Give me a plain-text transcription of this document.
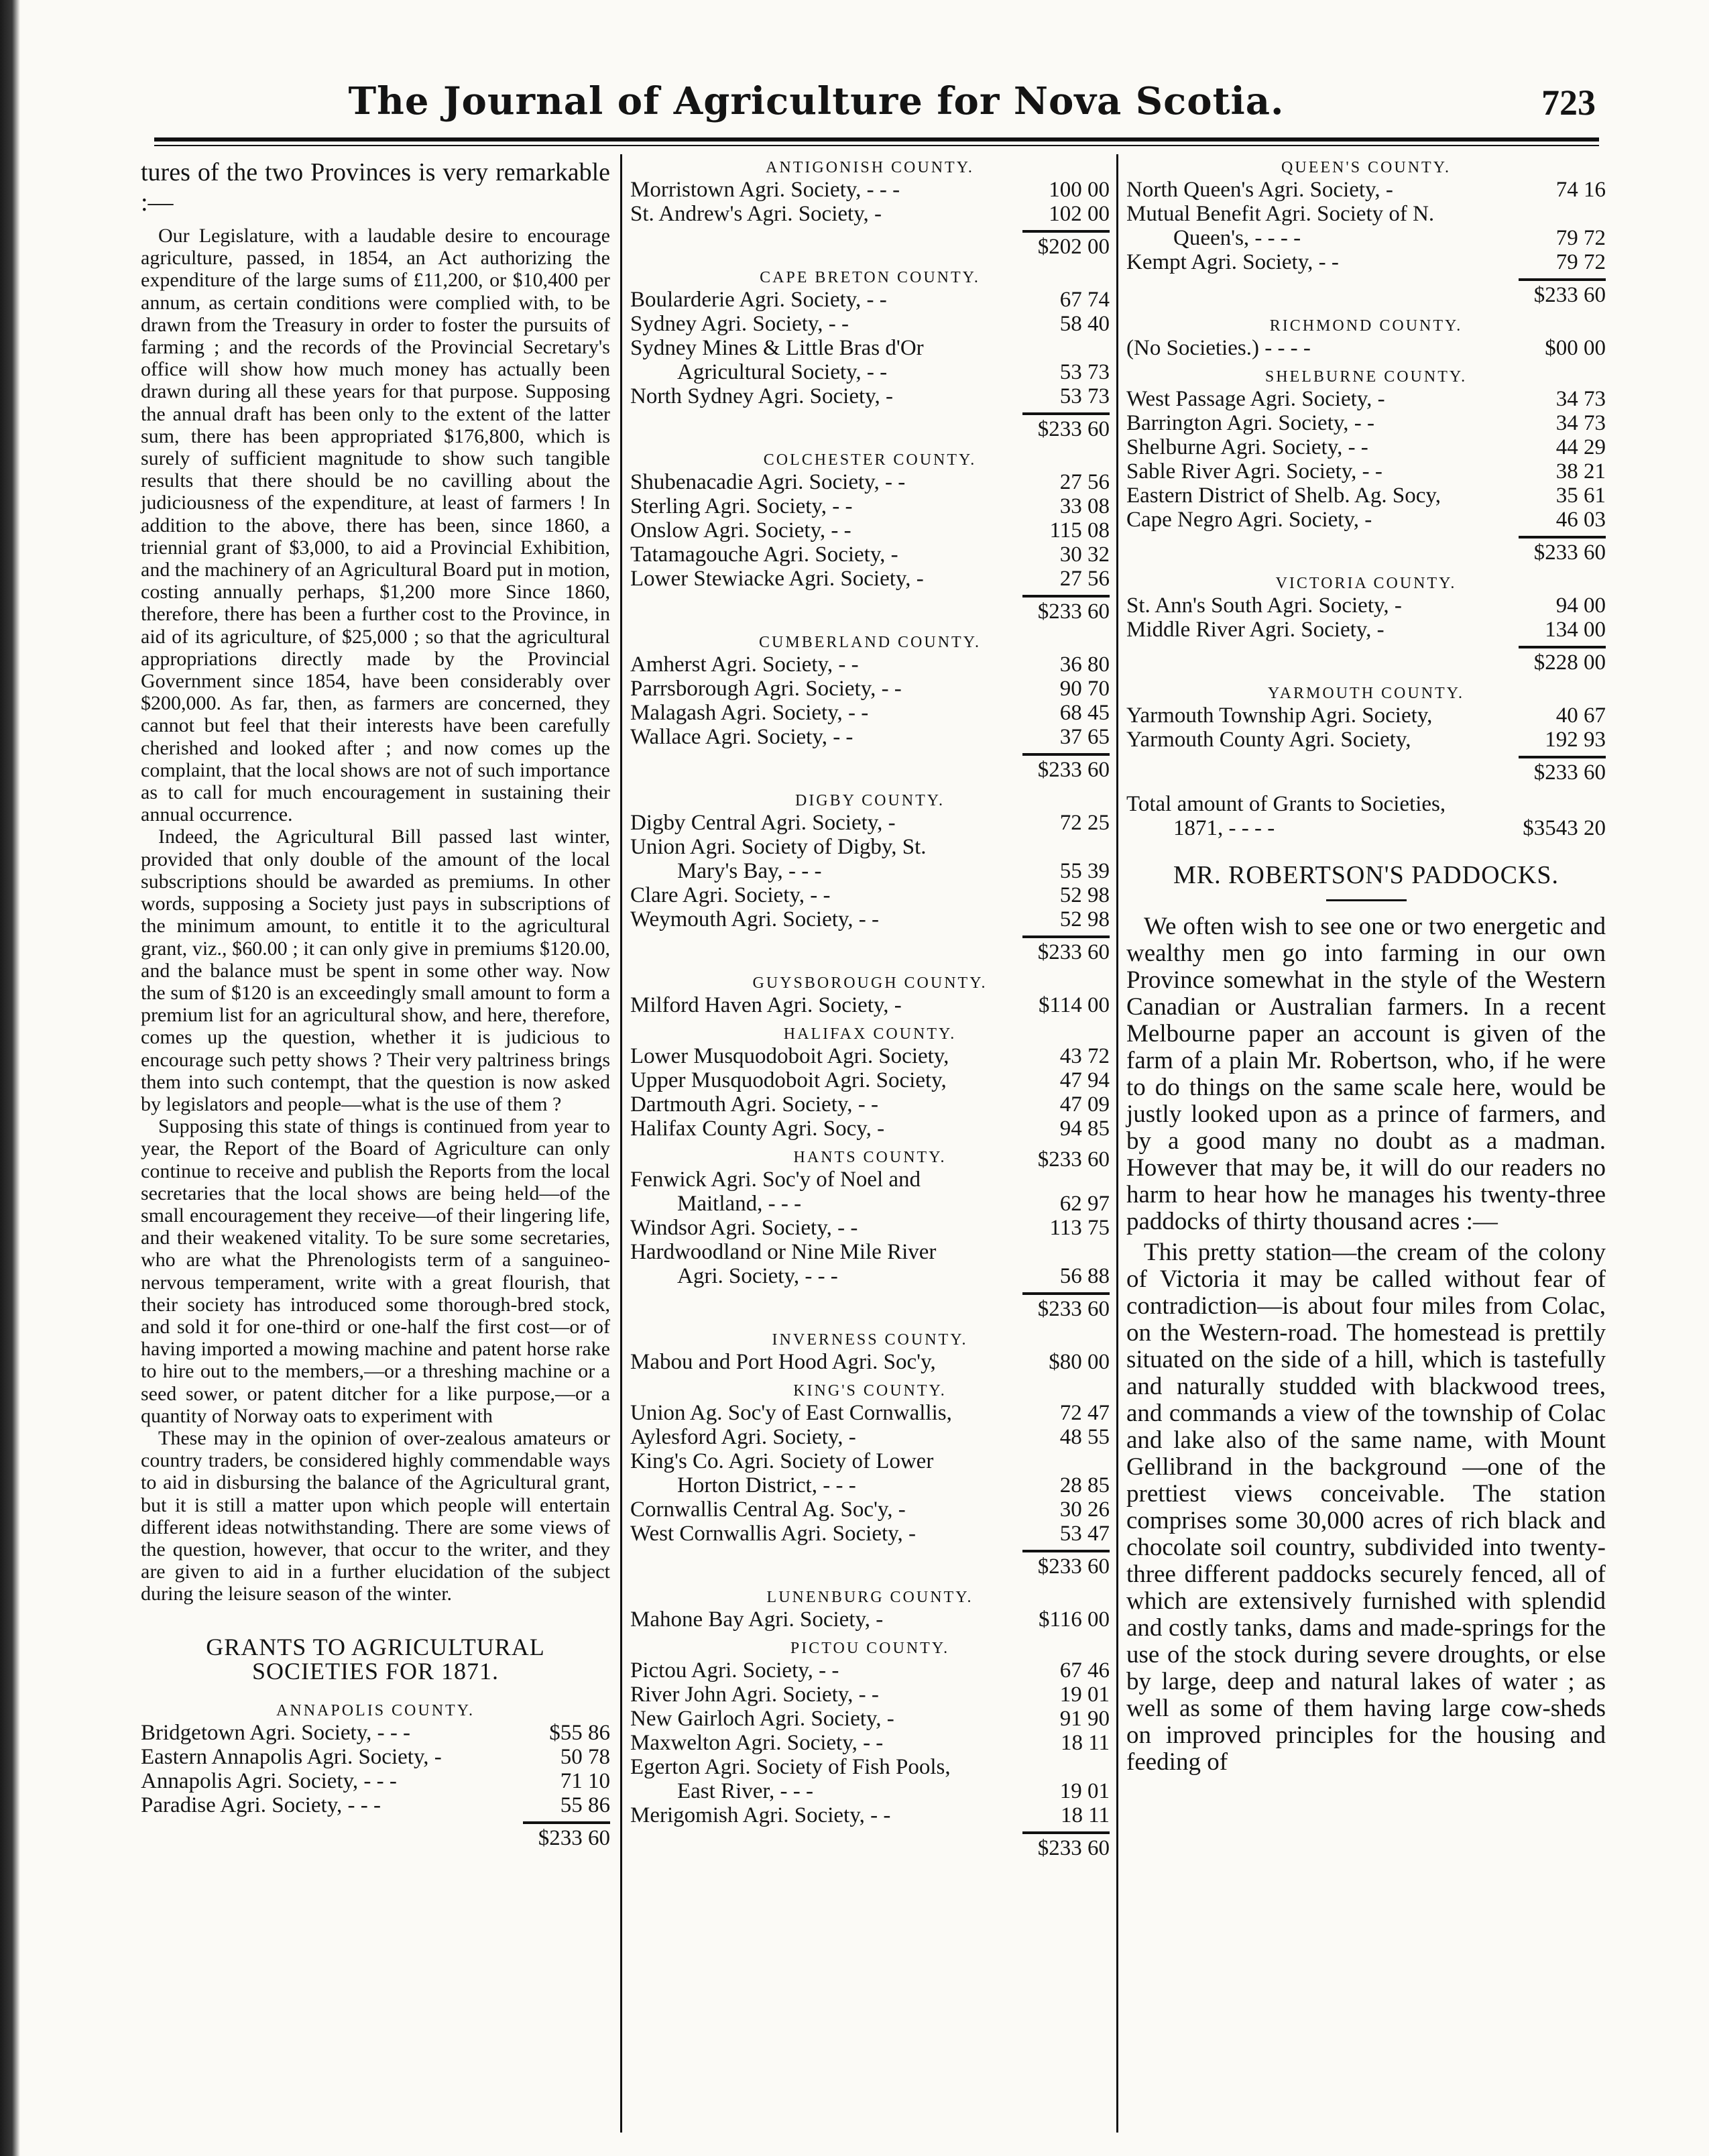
The Journal of Agriculture for Nova Scotia.	723
tures of the two Provinces is very remarkable :—
Our Legislature, with a laudable desire to encourage agriculture, passed, in 1854, an Act authorizing the expenditure of the large sums of £11,200, or $10,400 per annum, as certain conditions were complied with, to be drawn from the Treasury in order to foster the pursuits of farming ; and the records of the Provincial Secretary's office will show how much money has actually been drawn during all these years for that purpose. Supposing the annual draft has been only to the extent of the latter sum, there has been appropriated $176,800, which is surely of sufficient magnitude to show such tangible results that there should be no cavilling about the judiciousness of the expenditure, at least of farmers ! In addition to the above, there has been, since 1860, a triennial grant of $3,000, to aid a Provincial Exhibition, and the machinery of an Agricultural Board put in motion, costing annually perhaps, $1,200 more Since 1860, therefore, there has been a further cost to the Province, in aid of its agriculture, of $25,000 ; so that the agricultural appropriations directly made by the Provincial Government since 1854, have been considerably over $200,000. As far, then, as farmers are concerned, they cannot but feel that their interests have been carefully cherished and looked after ; and now comes up the complaint, that the local shows are not of such importance as to call for much encouragement in sustaining their annual occurrence.
Indeed, the Agricultural Bill passed last winter, provided that only double of the amount of the local subscriptions should be awarded as premiums. In other words, supposing a Society just pays in subscriptions of the minimum amount, to entitle it to the agricultural grant, viz., $60.00 ; it can only give in premiums $120.00, and the balance must be spent in some other way. Now the sum of $120 is an exceedingly small amount to form a premium list for an agricultural show, and here, therefore, comes up the question, whether it is judicious to encourage such petty shows ? Their very paltriness brings them into such contempt, that the question is now asked by legislators and people—what is the use of them ?
Supposing this state of things is continued from year to year, the Report of the Board of Agriculture can only continue to receive and publish the Reports from the local secretaries that the local shows are being held—of the small encouragement they receive—of their lingering life, and their weakened vitality. To be sure some secretaries, who are what the Phrenologists term of a sanguineo-nervous temperament, write with a great flourish, that their society has introduced some thorough-bred stock, and sold it for one-third or one-half the first cost—or of having imported a mowing machine and patent horse rake to hire out to the members,—or a threshing machine or a seed sower, or patent ditcher for a like purpose,—or a quantity of Norway oats to experiment with
These may in the opinion of over-zealous amateurs or country traders, be considered highly commendable ways to aid in disbursing the balance of the Agricultural grant, but it is still a matter upon which people will entertain different ideas notwithstanding. There are some views of the question, however, that occur to the writer, and they are given to aid in a further elucidation of the subject during the leisure season of the winter.
GRANTS TO AGRICULTURAL SOCIETIES FOR 1871.
ANNAPOLIS COUNTY.
Bridgetown Agri. Society, - - -	$55 86
Eastern Annapolis Agri. Society, -	50 78
Annapolis Agri. Society, - - -	71 10
Paradise Agri. Society, - - -	55 86
$233 60
ANTIGONISH COUNTY.
Morristown Agri. Society, - - -	100 00
St. Andrew's Agri. Society, -	102 00
$202 00
CAPE BRETON COUNTY.
Boularderie Agri. Society, - -	67 74
Sydney Agri. Society, - -	58 40
Sydney Mines & Little Bras d'Or	
Agricultural Society, - -	53 73
North Sydney Agri. Society, -	53 73
$233 60
COLCHESTER COUNTY.
Shubenacadie Agri. Society, - -	27 56
Sterling Agri. Society, - -	33 08
Onslow Agri. Society, - -	115 08
Tatamagouche Agri. Society, -	30 32
Lower Stewiacke Agri. Society, -	27 56
$233 60
CUMBERLAND COUNTY.
Amherst Agri. Society, - -	36 80
Parrsborough Agri. Society, - -	90 70
Malagash Agri. Society, - -	68 45
Wallace Agri. Society, - -	37 65
$233 60
DIGBY COUNTY.
Digby Central Agri. Society, -	72 25
Union Agri. Society of Digby, St.	
Mary's Bay, - - -	55 39
Clare Agri. Society, - -	52 98
Weymouth Agri. Society, - -	52 98
$233 60
GUYSBOROUGH COUNTY.
Milford Haven Agri. Society, -	$114 00
HALIFAX COUNTY.
Lower Musquodoboit Agri. Society,	43 72
Upper Musquodoboit Agri. Society,	47 94
Dartmouth Agri. Society, - -	47 09
Halifax County Agri. Socy, -	94 85
HANTS COUNTY.	$233 60
Fenwick Agri. Soc'y of Noel and	
Maitland, - - -	62 97
Windsor Agri. Society, - -	113 75
Hardwoodland or Nine Mile River	
Agri. Society, - - -	56 88
$233 60
INVERNESS COUNTY.
Mabou and Port Hood Agri. Soc'y,	$80 00
KING'S COUNTY.
Union Ag. Soc'y of East Cornwallis,	72 47
Aylesford Agri. Society, -	48 55
King's Co. Agri. Society of Lower	
Horton District, - - -	28 85
Cornwallis Central Ag. Soc'y, -	30 26
West Cornwallis Agri. Society, -	53 47
$233 60
LUNENBURG COUNTY.
Mahone Bay Agri. Society, -	$116 00
PICTOU COUNTY.
Pictou Agri. Society, - -	67 46
River John Agri. Society, - -	19 01
New Gairloch Agri. Society, -	91 90
Maxwelton Agri. Society, - -	18 11
Egerton Agri. Society of Fish Pools,	
East River, - - -	19 01
Merigomish Agri. Society, - -	18 11
$233 60
QUEEN'S COUNTY.
North Queen's Agri. Society, -	74 16
Mutual Benefit Agri. Society of N.	
Queen's, - - - -	79 72
Kempt Agri. Society, - -	79 72
$233 60
RICHMOND COUNTY.
(No Societies.) - - - -	$00 00
SHELBURNE COUNTY.
West Passage Agri. Society, -	34 73
Barrington Agri. Society, - -	34 73
Shelburne Agri. Society, - -	44 29
Sable River Agri. Society, - -	38 21
Eastern District of Shelb. Ag. Socy,	35 61
Cape Negro Agri. Society, -	46 03
$233 60
VICTORIA COUNTY.
St. Ann's South Agri. Society, -	94 00
Middle River Agri. Society, -	134 00
$228 00
YARMOUTH COUNTY.
Yarmouth Township Agri. Society,	40 67
Yarmouth County Agri. Society,	192 93
$233 60
Total amount of Grants to Societies,
1871, - - - -	$3543 20
MR. ROBERTSON'S PADDOCKS.
We often wish to see one or two energetic and wealthy men go into farming in our own Province somewhat in the style of the Western Canadian or Australian farmers. In a recent Melbourne paper an account is given of the farm of a plain Mr. Robertson, who, if he were to do things on the same scale here, would be justly looked upon as a prince of farmers, and by a good many no doubt as a madman. However that may be, it will do our readers no harm to hear how he manages his twenty-three paddocks of thirty thousand acres :—
This pretty station—the cream of the colony of Victoria it may be called without fear of contradiction—is about four miles from Colac, on the Western-road. The homestead is prettily situated on the side of a hill, which is tastefully and naturally studded with blackwood trees, and commands a view of the township of Colac and lake also of the same name, with Mount Gellibrand in the background —one of the prettiest views conceivable. The station comprises some 30,000 acres of rich black and chocolate soil country, subdivided into twenty-three different paddocks securely fenced, all of which are extensively furnished with splendid and costly tanks, dams and made-springs for the use of the stock during severe droughts, or else by large, deep and natural lakes of water ; as well as some of them having large cow-sheds on improved principles for the housing and feeding of
